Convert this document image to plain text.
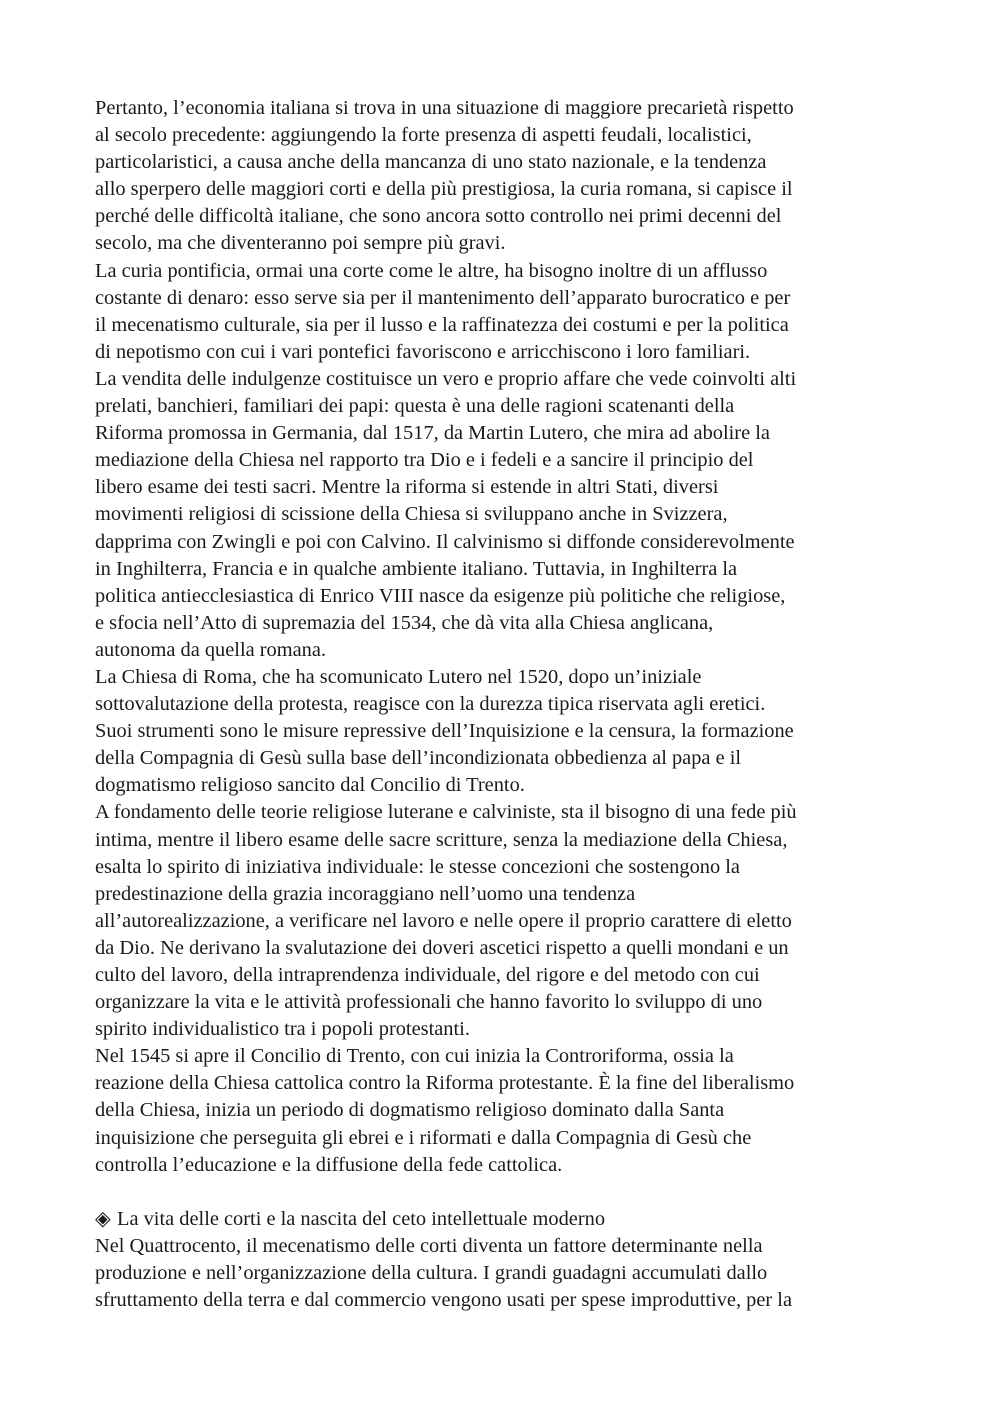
Pertanto, l’economia italiana si trova in una situazione di maggiore precarietà rispetto
al secolo precedente: aggiungendo la forte presenza di aspetti feudali, localistici,
particolaristici, a causa anche della mancanza di uno stato nazionale, e la tendenza
allo sperpero delle maggiori corti e della più prestigiosa, la curia romana, si capisce il
perché delle difficoltà italiane, che sono ancora sotto controllo nei primi decenni del
secolo, ma che diventeranno poi sempre più gravi.

La curia pontificia, ormai una corte come le altre, ha bisogno inoltre di un afflusso
costante di denaro: esso serve sia per il mantenimento dell’apparato burocratico e per
il mecenatismo culturale, sia per il lusso e la raffinatezza dei costumi e per la politica
di nepotismo con cui i vari pontefici favoriscono e arricchiscono i loro familiari.

La vendita delle indulgenze costituisce un vero e proprio affare che vede coinvolti alti
prelati, banchieri, familiari dei papi: questa è una delle ragioni scatenanti della
Riforma promossa in Germania, dal 1517, da Martin Lutero, che mira ad abolire la
mediazione della Chiesa nel rapporto tra Dio e i fedeli e a sancire il principio del
libero esame dei testi sacri. Mentre la riforma si estende in altri Stati, diversi
movimenti religiosi di scissione della Chiesa si sviluppano anche in Svizzera,
dapprima con Zwingli e poi con Calvino. Il calvinismo si diffonde considerevolmente
in Inghilterra, Francia e in qualche ambiente italiano. Tuttavia, in Inghilterra la
politica antiecclesiastica di Enrico VIII nasce da esigenze più politiche che religiose,
e sfocia nell’Atto di supremazia del 1534, che dà vita alla Chiesa anglicana,
autonoma da quella romana.

La Chiesa di Roma, che ha scomunicato Lutero nel 1520, dopo un’iniziale
sottovalutazione della protesta, reagisce con la durezza tipica riservata agli eretici.
Suoi strumenti sono le misure repressive dell’Inquisizione e la censura, la formazione
della Compagnia di Gesù sulla base dell’incondizionata obbedienza al papa e il
dogmatismo religioso sancito dal Concilio di Trento.

A fondamento delle teorie religiose luterane e calviniste, sta il bisogno di una fede più
intima, mentre il libero esame delle sacre scritture, senza la mediazione della Chiesa,
esalta lo spirito di iniziativa individuale: le stesse concezioni che sostengono la
predestinazione della grazia incoraggiano nell’uomo una tendenza
all’autorealizzazione, a verificare nel lavoro e nelle opere il proprio carattere di eletto
da Dio. Ne derivano la svalutazione dei doveri ascetici rispetto a quelli mondani e un
culto del lavoro, della intraprendenza individuale, del rigore e del metodo con cui
organizzare la vita e le attività professionali che hanno favorito lo sviluppo di uno
spirito individualistico tra i popoli protestanti.

Nel 1545 si apre il Concilio di Trento, con cui inizia la Controriforma, ossia la
reazione della Chiesa cattolica contro la Riforma protestante. È la fine del liberalismo
della Chiesa, inizia un periodo di dogmatismo religioso dominato dalla Santa
inquisizione che perseguita gli ebrei e i riformati e dalla Compagnia di Gesù che
controlla l’educazione e la diffusione della fede cattolica.

◈ La vita delle corti e la nascita del ceto intellettuale moderno

Nel Quattrocento, il mecenatismo delle corti diventa un fattore determinante nella
produzione e nell’organizzazione della cultura. I grandi guadagni accumulati dallo
sfruttamento della terra e dal commercio vengono usati per spese improduttive, per la
